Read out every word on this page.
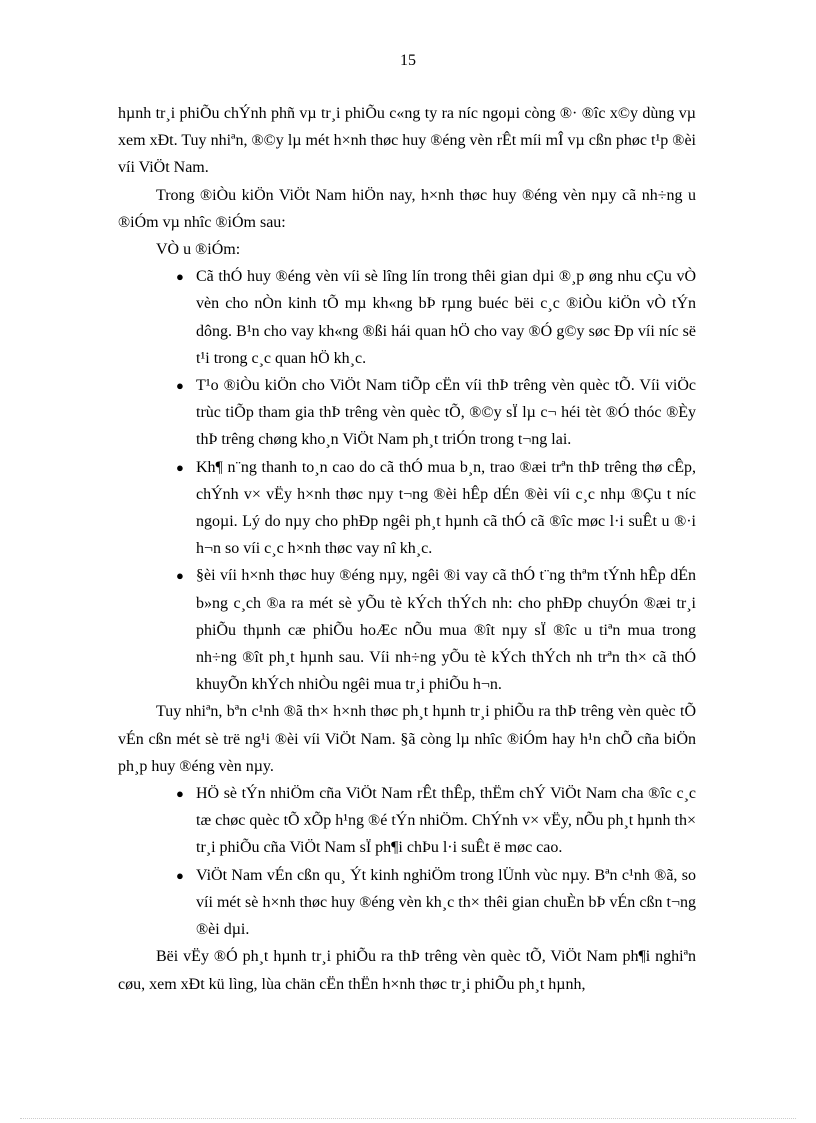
15

hµnh tr¸i phiÕu chÝnh phñ vµ tr¸i phiÕu c«ng ty ra níc ngoµi còng ®· ®îc x©y dùng vµ xem xÐt. Tuy nhiªn, ®©y lµ mét h×nh thøc huy ®éng vèn rÊt míi mÎ vµ cßn phøc t¹p ®èi víi ViÖt Nam.

Trong ®iÒu kiÖn ViÖt Nam hiÖn nay, h×nh thøc huy ®éng vèn nµy cã nh÷ng u ®iÓm vµ nhîc ®iÓm sau:

VÒ u ®iÓm:

● Cã thÓ huy ®éng vèn víi sè lîng lín trong thêi gian dµi ®¸p øng nhu cÇu vÒ vèn cho nÒn kinh tÕ mµ kh«ng bÞ rµng buéc bëi c¸c ®iÒu kiÖn vÒ tÝn dông. B¹n cho vay kh«ng ®ßi hái quan hÖ cho vay ®Ó g©y søc Ðp víi níc së t¹i trong c¸c quan hÖ kh¸c.
● T¹o ®iÒu kiÖn cho ViÖt Nam tiÕp cËn víi thÞ trêng vèn quèc tÕ. Víi viÖc trùc tiÕp tham gia thÞ trêng vèn quèc tÕ, ®©y sÏ lµ c¬ héi tèt ®Ó thóc ®Èy thÞ trêng chøng kho¸n ViÖt Nam ph¸t triÓn trong t¬ng lai.
● Kh¶ n¨ng thanh to¸n cao do cã thÓ mua b¸n, trao ®æi trªn thÞ trêng thø cÊp, chÝnh v× vËy h×nh thøc nµy t¬ng ®èi hÊp dÉn ®èi víi c¸c nhµ ®Çu t níc ngoµi. Lý do nµy cho phÐp ngêi ph¸t hµnh cã thÓ cã ®îc møc l·i suÊt u ®·i h¬n so víi c¸c h×nh thøc vay nî kh¸c.
● §èi víi h×nh thøc huy ®éng nµy, ngêi ®i vay cã thÓ t¨ng thªm tÝnh hÊp dÉn b»ng c¸ch ®a ra mét sè yÕu tè kÝch thÝch nh: cho phÐp chuyÓn ®æi tr¸i phiÕu thµnh cæ phiÕu hoÆc nÕu mua ®ît nµy sÏ ®îc u tiªn mua trong nh÷ng ®ît ph¸t hµnh sau. Víi nh÷ng yÕu tè kÝch thÝch nh trªn th× cã thÓ khuyÕn khÝch nhiÒu ngêi mua tr¸i phiÕu h¬n.

Tuy nhiªn, bªn c¹nh ®ã th× h×nh thøc ph¸t hµnh tr¸i phiÕu ra thÞ trêng vèn quèc tÕ vÉn cßn mét sè trë ng¹i ®èi víi ViÖt Nam. §ã còng lµ nhîc ®iÓm hay h¹n chÕ cña biÖn ph¸p huy ®éng vèn nµy.

● HÖ sè tÝn nhiÖm cña ViÖt Nam rÊt thÊp, thËm chÝ ViÖt Nam cha ®îc c¸c tæ chøc quèc tÕ xÕp h¹ng ®é tÝn nhiÖm. ChÝnh v× vËy, nÕu ph¸t hµnh th× tr¸i phiÕu cña ViÖt Nam sÏ ph¶i chÞu l·i suÊt ë møc cao.
● ViÖt Nam vÉn cßn qu¸ Ýt kinh nghiÖm trong lÜnh vùc nµy. Bªn c¹nh ®ã, so víi mét sè h×nh thøc huy ®éng vèn kh¸c th× thêi gian chuÈn bÞ vÉn cßn t¬ng ®èi dµi.

Bëi vËy ®Ó ph¸t hµnh tr¸i phiÕu ra thÞ trêng vèn quèc tÕ, ViÖt Nam ph¶i nghiªn cøu, xem xÐt kü lìng, lùa chän cËn thËn h×nh thøc tr¸i phiÕu ph¸t hµnh,
